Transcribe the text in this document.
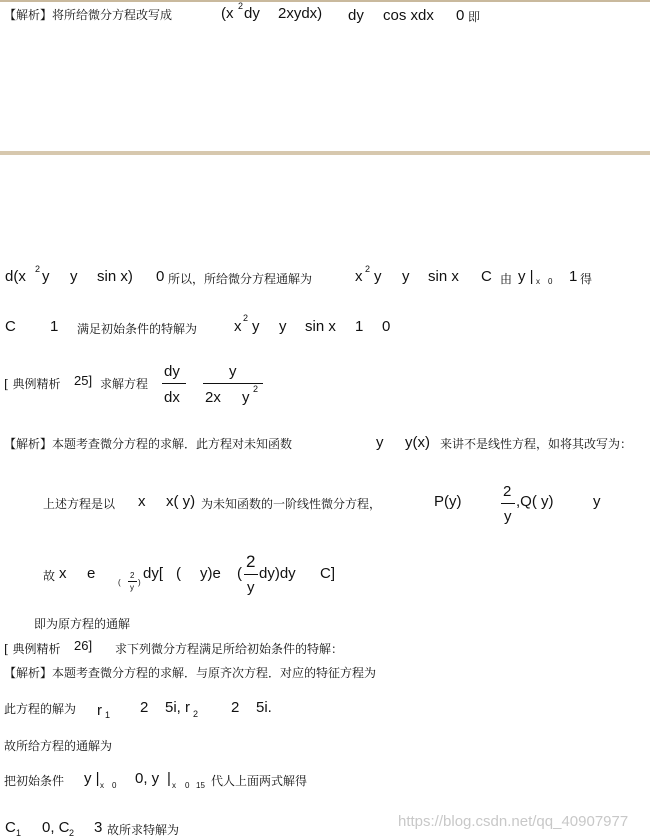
【解析】将所给微分方程改写成	(x 2 dy 2xydx) dy cos xdx 0 即
d(x 2 y y sin x) 0 所以，所给微分方程通解为	x 2 y y sin x C 由 y | x 0 1 得
C 1 满足初始条件的特解为 x 2 y y sin x 1 0
[ 典例精析 25] 求解方程
dy
dx
y
2x y 2
【解析】本题考查微分方程的求解．此方程对未知函数	y y(x) 来讲不是线性方程，如将其改写为：
上述方程是以 x x( y) 为未知函数的一阶线性微分方程，	P(y)
2
y
,Q( y)	y
故 x e
(
2
y
)
dy[ ( y)e (
2
y
dy)dy C]
即为原方程的通解
[ 典例精析 26] 求下列微分方程满足所给初始条件的特解：
【解析】本题考查微分方程的求解．与原齐次方程．对应的特征方程为
此方程的解为 r 1 2 5i, r 2 2 5i.
故所给方程的通解为
把初始条件 y | x 0 0, y | x 0 15 代人上面两式解得
C 1 0, C 2 3 故所求特解为	https://blog.csdn.net/qq_40907977
